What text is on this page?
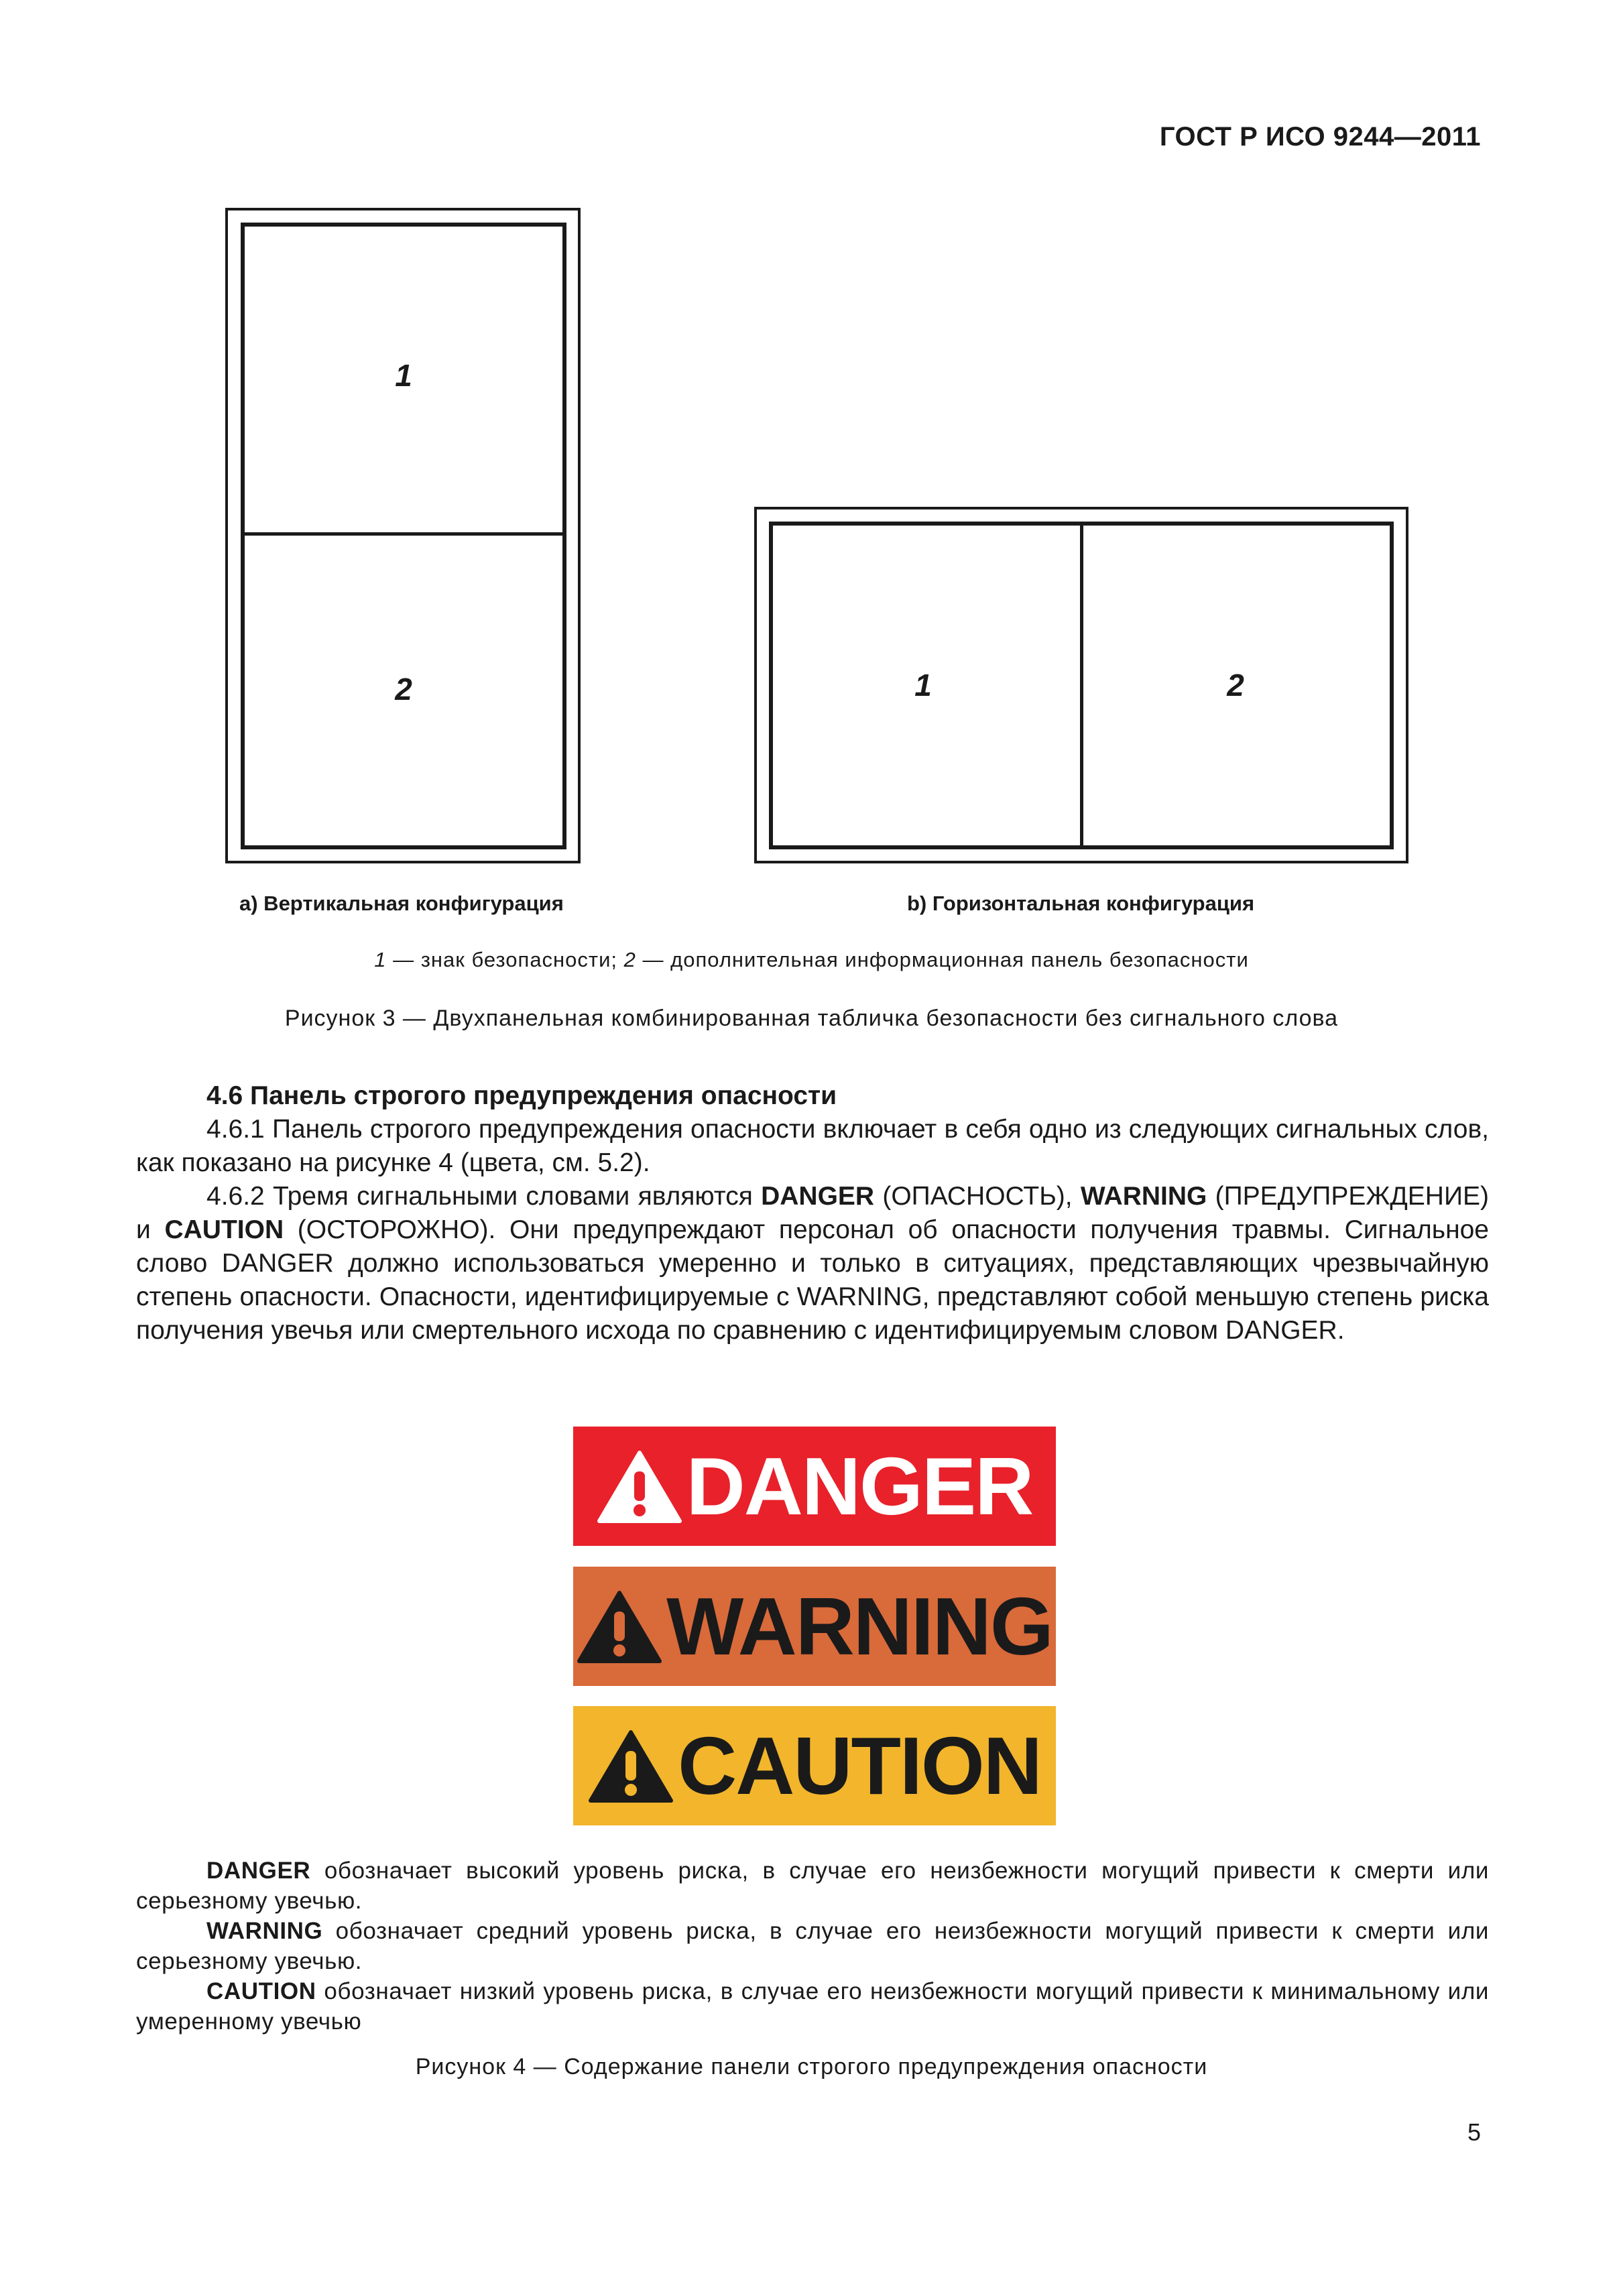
ГОСТ Р ИСО 9244—2011
1
2	1	2
а) Вертикальная конфигурация	b) Горизонтальная конфигурация
1 — знак безопасности; 2 — дополнительная информационная панель безопасности
Рисунок 3 — Двухпанельная комбинированная табличка безопасности без сигнального слова

4.6 Панель строгого предупреждения опасности

4.6.1 Панель строгого предупреждения опасности включает в себя одно из следующих сигнальных слов, как показано на рисунке 4 (цвета, см. 5.2).

4.6.2 Тремя сигнальными словами являются DANGER (ОПАСНОСТЬ), WARNING (ПРЕДУПРЕЖДЕНИЕ) и CAUTION (ОСТОРОЖНО). Они предупреждают персонал об опасности получения травмы. Сигнальное слово DANGER должно использоваться умеренно и только в ситуациях, представляющих чрезвычайную степень опасности. Опасности, идентифицируемые с WARNING, представляют собой меньшую степень риска получения увечья или смертельного исхода по сравнению с идентифицируемым словом DANGER.

DANGER
WARNING
CAUTION

DANGER обозначает высокий уровень риска, в случае его неизбежности могущий привести к смерти или серьезному увечью.

WARNING обозначает средний уровень риска, в случае его неизбежности могущий привести к смерти или серьезному увечью.

CAUTION обозначает низкий уровень риска, в случае его неизбежности могущий привести к минимальному или умеренному увечью

Рисунок 4 — Содержание панели строгого предупреждения опасности
5
